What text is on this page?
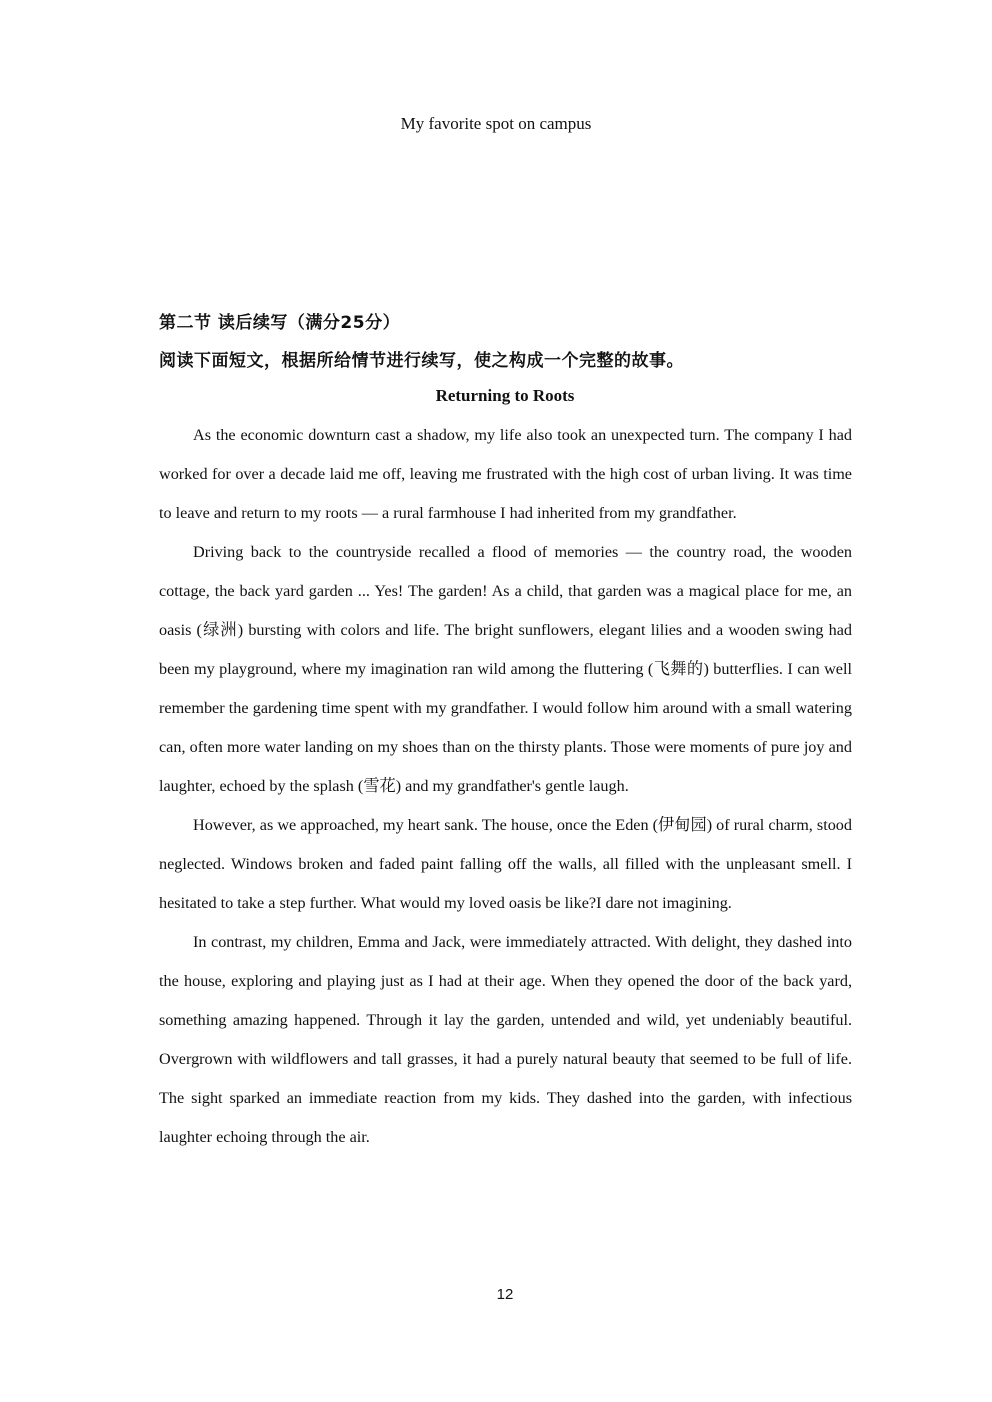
My favorite spot on campus
第二节 读后续写（满分25分）
阅读下面短文，根据所给情节进行续写，使之构成一个完整的故事。
Returning to Roots

As the economic downturn cast a shadow, my life also took an unexpected turn. The company I had worked for over a decade laid me off, leaving me frustrated with the high cost of urban living. It was time to leave and return to my roots — a rural farmhouse I had inherited from my grandfather.

Driving back to the countryside recalled a flood of memories — the country road, the wooden cottage, the back yard garden ... Yes! The garden! As a child, that garden was a magical place for me, an oasis (绿洲) bursting with colors and life. The bright sunflowers, elegant lilies and a wooden swing had been my playground, where my imagination ran wild among the fluttering (飞舞的) butterflies. I can well remember the gardening time spent with my grandfather. I would follow him around with a small watering can, often more water landing on my shoes than on the thirsty plants. Those were moments of pure joy and laughter, echoed by the splash (雪花) and my grandfather's gentle laugh.

However, as we approached, my heart sank. The house, once the Eden (伊甸园) of rural charm, stood neglected. Windows broken and faded paint falling off the walls, all filled with the unpleasant smell. I hesitated to take a step further. What would my loved oasis be like?I dare not imagining.

In contrast, my children, Emma and Jack, were immediately attracted. With delight, they dashed into the house, exploring and playing just as I had at their age. When they opened the door of the back yard, something amazing happened. Through it lay the garden, untended and wild, yet undeniably beautiful. Overgrown with wildflowers and tall grasses, it had a purely natural beauty that seemed to be full of life. The sight sparked an immediate reaction from my kids. They dashed into the garden, with infectious laughter echoing through the air.

12
